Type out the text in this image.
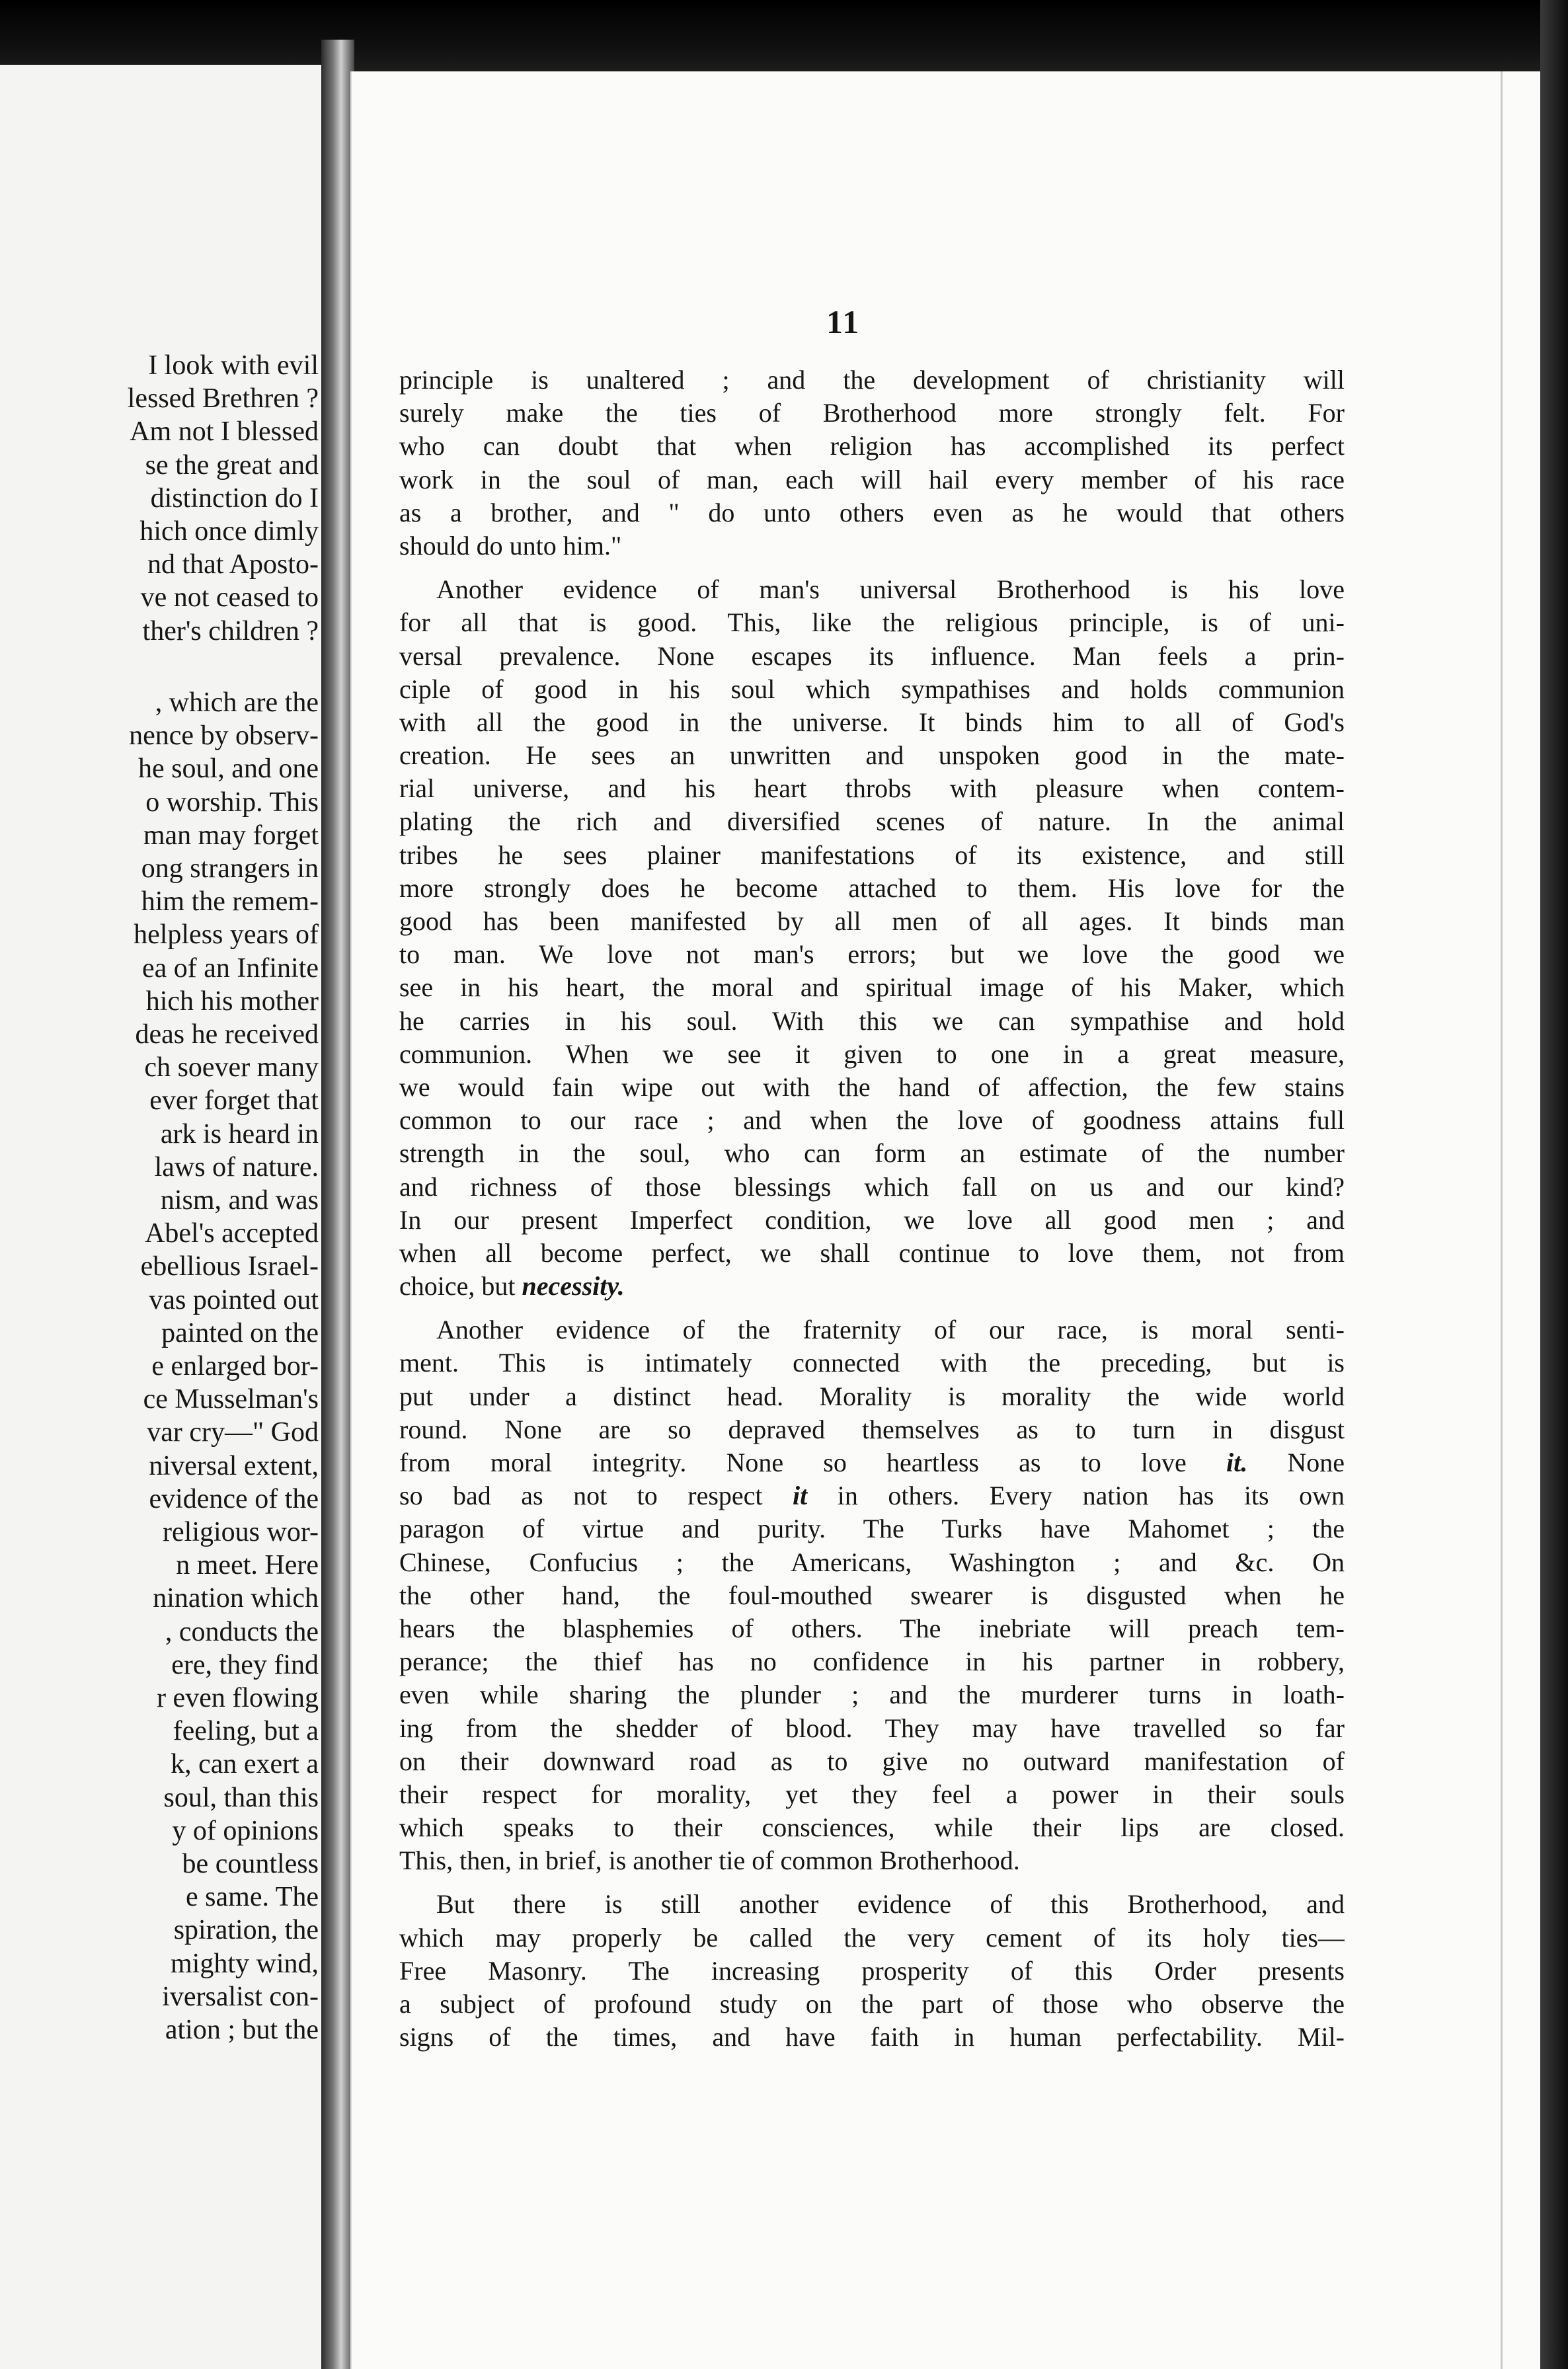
I look with evil
lessed Brethren ?
Am not I blessed
se the great and
distinction do I
hich once dimly
nd that Aposto-
ve not ceased to
ther's children ?
, which are the
nence by observ-
he soul, and one
o worship. This
man may forget
ong strangers in
him the remem-
helpless years of
ea of an Infinite
hich his mother
deas he received
ch soever many
ever forget that
ark is heard in
laws of nature.
nism, and was
Abel's accepted
ebellious Israel-
vas pointed out
painted on the
e enlarged bor-
ce Musselman's
var cry—" God
niversal extent,
evidence of the
religious wor-
n meet. Here
nination which
, conducts the
ere, they find
r even flowing
feeling, but a
k, can exert a
soul, than this
y of opinions
be countless
e same. The
spiration, the
mighty wind,
iversalist con-
ation ; but the
11
principle is unaltered ; and the development of christianity will
surely make the ties of Brotherhood more strongly felt. For
who can doubt that when religion has accomplished its perfect
work in the soul of man, each will hail every member of his race
as a brother, and " do unto others even as he would that others
should do unto him."
Another evidence of man's universal Brotherhood is his love
for all that is good. This, like the religious principle, is of uni-
versal prevalence. None escapes its influence. Man feels a prin-
ciple of good in his soul which sympathises and holds communion
with all the good in the universe. It binds him to all of God's
creation. He sees an unwritten and unspoken good in the mate-
rial universe, and his heart throbs with pleasure when contem-
plating the rich and diversified scenes of nature. In the animal
tribes he sees plainer manifestations of its existence, and still
more strongly does he become attached to them. His love for the
good has been manifested by all men of all ages. It binds man
to man. We love not man's errors; but we love the good we
see in his heart, the moral and spiritual image of his Maker, which
he carries in his soul. With this we can sympathise and hold
communion. When we see it given to one in a great measure,
we would fain wipe out with the hand of affection, the few stains
common to our race ; and when the love of goodness attains full
strength in the soul, who can form an estimate of the number
and richness of those blessings which fall on us and our kind?
In our present Imperfect condition, we love all good men ; and
when all become perfect, we shall continue to love them, not from
choice, but necessity.
Another evidence of the fraternity of our race, is moral senti-
ment. This is intimately connected with the preceding, but is
put under a distinct head. Morality is morality the wide world
round. None are so depraved themselves as to turn in disgust
from moral integrity. None so heartless as to love it. None
so bad as not to respect it in others. Every nation has its own
paragon of virtue and purity. The Turks have Mahomet ; the
Chinese, Confucius ; the Americans, Washington ; and &c. On
the other hand, the foul-mouthed swearer is disgusted when he
hears the blasphemies of others. The inebriate will preach tem-
perance; the thief has no confidence in his partner in robbery,
even while sharing the plunder ; and the murderer turns in loath-
ing from the shedder of blood. They may have travelled so far
on their downward road as to give no outward manifestation of
their respect for morality, yet they feel a power in their souls
which speaks to their consciences, while their lips are closed.
This, then, in brief, is another tie of common Brotherhood.
But there is still another evidence of this Brotherhood, and
which may properly be called the very cement of its holy ties—
Free Masonry. The increasing prosperity of this Order presents
a subject of profound study on the part of those who observe the
signs of the times, and have faith in human perfectability. Mil-
